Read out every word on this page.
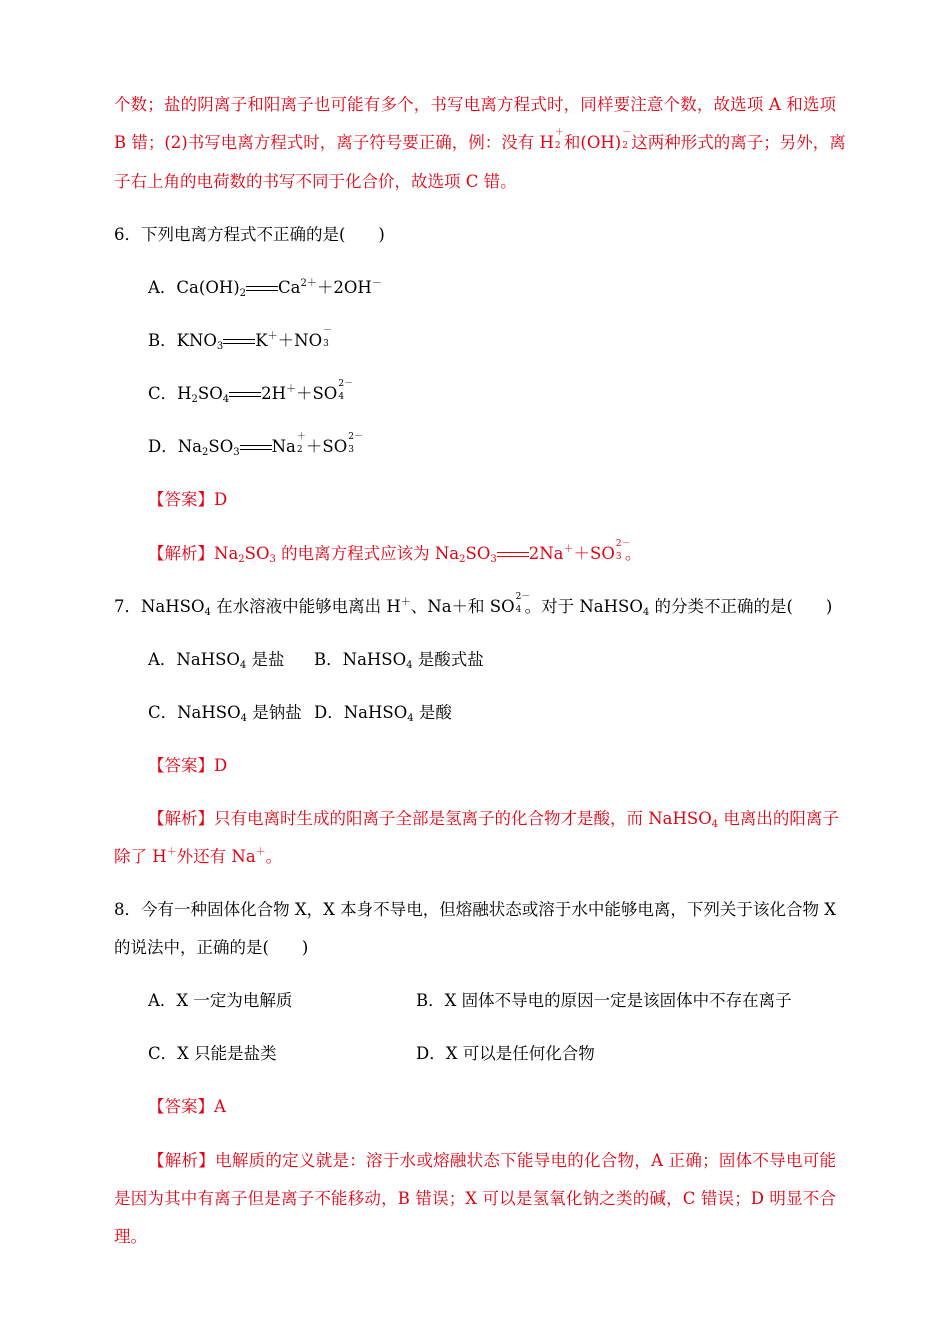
个数；盐的阴离子和阳离子也可能有多个，书写电离方程式时，同样要注意个数，故选项 A 和选项
B 错；(2)书写电离方程式时，离子符号要正确，例：没有 H ＋
2 和(OH) －
2 这两种形式的离子；另外，离
子右上角的电荷数的书写不同于化合价，故选项 C 错。
6．下列电离方程式不正确的是(　　)
A．$Ca(OH)_2$ $Ca^{2+}+2OH^-$
B．$KNO_3$ K＋＋NO －
3
C．$H_2SO_4$ 2H＋＋SO 2－
4
D．$Na_2SO_3$ Na ＋
2 ＋SO 2－
3
【答案】D
【解析】$Na_2SO_3$ 的电离方程式应该为 $Na_2SO_3$ 2Na＋＋SO 2－
3 。
7．NaHSO$_4$ 在水溶液中能够电离出 H＋、Na＋和 SO 2－
4 。对于 NaHSO$_4$ 的分类不正确的是(　　)
A．NaHSO$_4$ 是盐 B．NaHSO$_4$ 是酸式盐
C．NaHSO$_4$ 是钠盐 D．NaHSO$_4$ 是酸
【答案】D
【解析】只有电离时生成的阳离子全部是氢离子的化合物才是酸，而 NaHSO$_4$ 电离出的阳离子
除了 H＋外还有 Na＋。
8．今有一种固体化合物 X，X 本身不导电，但熔融状态或溶于水中能够电离，下列关于该化合物 X
的说法中，正确的是(　　)
A．X 一定为电解质	B．X 固体不导电的原因一定是该固体中不存在离子
C．X 只能是盐类	D．X 可以是任何化合物
【答案】A
【解析】电解质的定义就是：溶于水或熔融状态下能导电的化合物，A 正确；固体不导电可能
是因为其中有离子但是离子不能移动，B 错误；X 可以是氢氧化钠之类的碱，C 错误；D 明显不合
理。
